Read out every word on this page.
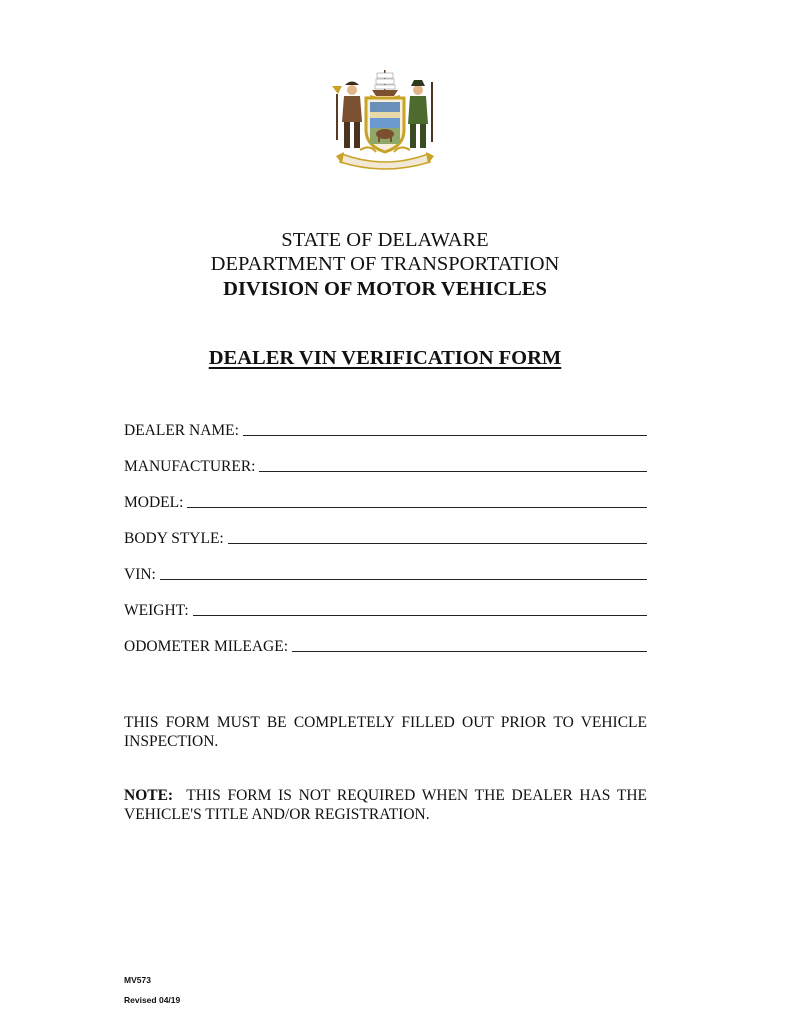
STATE OF DELAWARE
DEPARTMENT OF TRANSPORTATION
DIVISION OF MOTOR VEHICLES
DEALER VIN VERIFICATION FORM
DEALER NAME:
MANUFACTURER:
MODEL:
BODY STYLE:
VIN:
WEIGHT:
ODOMETER MILEAGE:
THIS FORM MUST BE COMPLETELY FILLED OUT PRIOR TO VEHICLE INSPECTION.
NOTE: THIS FORM IS NOT REQUIRED WHEN THE DEALER HAS THE VEHICLE'S TITLE AND/OR REGISTRATION.
MV573
Revised 04/19
